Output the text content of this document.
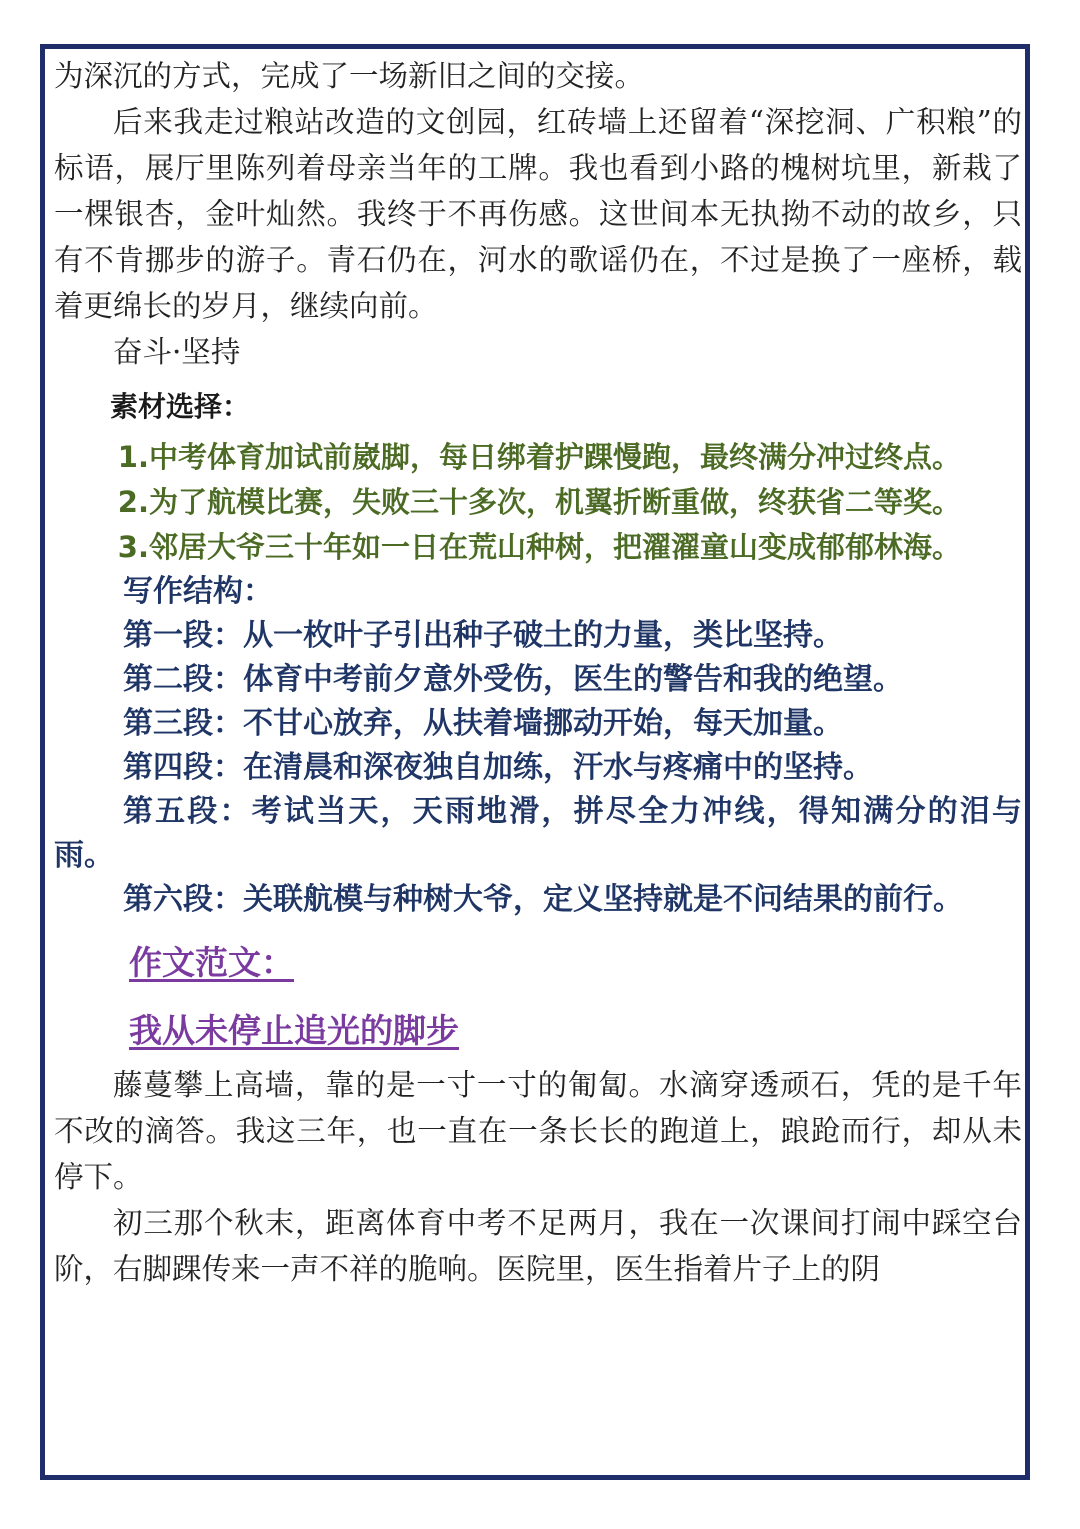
为深沉的方式，完成了一场新旧之间的交接。

后来我走过粮站改造的文创园，红砖墙上还留着“深挖洞、广积粮”的标语，展厅里陈列着母亲当年的工牌。我也看到小路的槐树坑里，新栽了一棵银杏，金叶灿然。我终于不再伤感。这世间本无执拗不动的故乡，只有不肯挪步的游子。青石仍在，河水的歌谣仍在，不过是换了一座桥，载着更绵长的岁月，继续向前。

奋斗·坚持

素材选择：

1.中考体育加试前崴脚，每日绑着护踝慢跑，最终满分冲过终点。

2.为了航模比赛，失败三十多次，机翼折断重做，终获省二等奖。

3.邻居大爷三十年如一日在荒山种树，把濯濯童山变成郁郁林海。

写作结构：

第一段：从一枚叶子引出种子破土的力量，类比坚持。

第二段：体育中考前夕意外受伤，医生的警告和我的绝望。

第三段：不甘心放弃，从扶着墙挪动开始，每天加量。

第四段：在清晨和深夜独自加练，汗水与疼痛中的坚持。

第五段：考试当天，天雨地滑，拼尽全力冲线，得知满分的泪与雨。

第六段：关联航模与种树大爷，定义坚持就是不问结果的前行。

作文范文：
我从未停止追光的脚步

藤蔓攀上高墙，靠的是一寸一寸的匍匐。水滴穿透顽石，凭的是千年不改的滴答。我这三年，也一直在一条长长的跑道上，踉跄而行，却从未停下。

初三那个秋末，距离体育中考不足两月，我在一次课间打闹中踩空台阶，右脚踝传来一声不祥的脆响。医院里，医生指着片子上的阴
